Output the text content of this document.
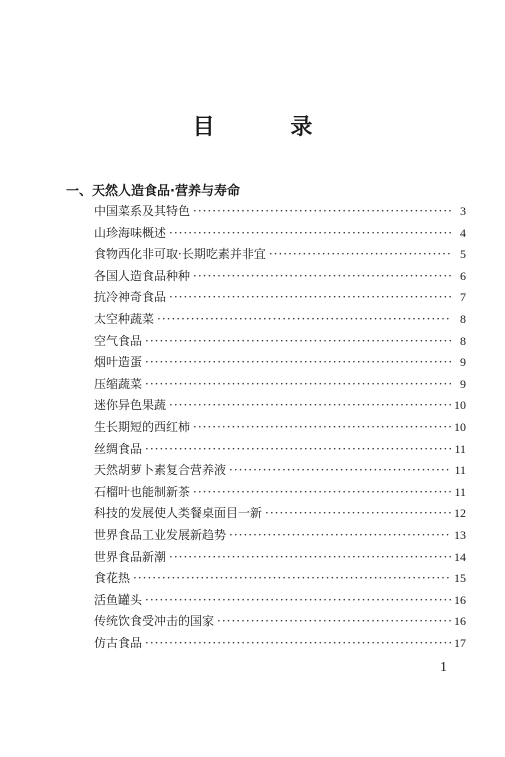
目 录
一、天然人造食品·营养与寿命
中国菜系及其特色 ·····	3
山珍海味概述 ·····	4
食物西化非可取·长期吃素并非宜 ·····	5
各国人造食品种种 ·····	6
抗冷神奇食品 ·····	7
太空种蔬菜 ·····	8
空气食品 ·····	8
烟叶造蛋 ·····	9
压缩蔬菜 ·····	9
迷你异色果蔬 ·····	10
生长期短的西红柿 ·····	10
丝绸食品 ·····	11
天然胡萝卜素复合营养液 ·····	11
石榴叶也能制新茶 ·····	11
科技的发展使人类餐桌面目一新 ·····	12
世界食品工业发展新趋势 ·····	13
世界食品新潮 ·····	14
食花热 ·····	15
活鱼罐头 ·····	16
传统饮食受冲击的国家 ·····	16
仿古食品 ·····	17
1
